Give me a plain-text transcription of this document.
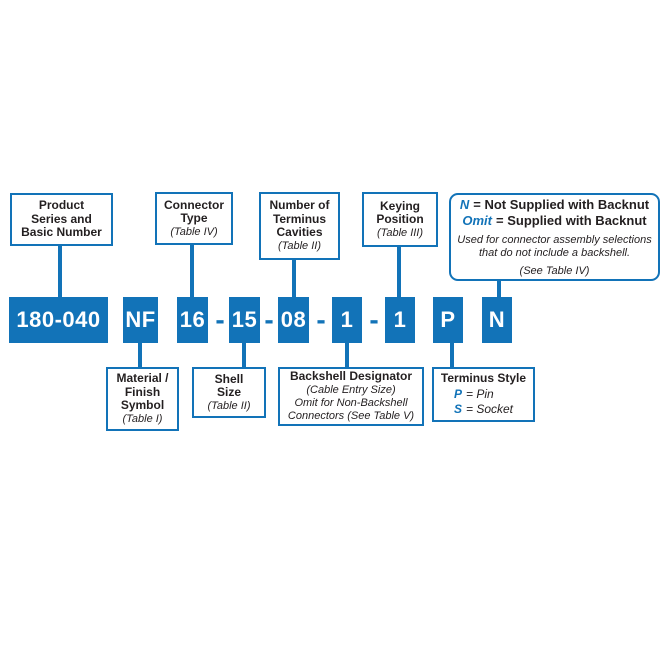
Product
Series and
Basic Number
Connector
Type
(Table IV)
Number of
Terminus
Cavities
(Table II)
Keying
Position
(Table III)
N = Not Supplied with Backnut
Omit = Supplied with Backnut
Used for connector assembly selections
that do not include a backshell.
(See Table IV)
180-040	NF 16 15 08	1	1	P	N
- - - -
Material /
Finish
Symbol
(Table I)
Shell
Size
(Table II)
Backshell Designator
(Cable Entry Size)
Omit for Non-Backshell
Connectors (See Table V)
Terminus Style
P = Pin
S = Socket
